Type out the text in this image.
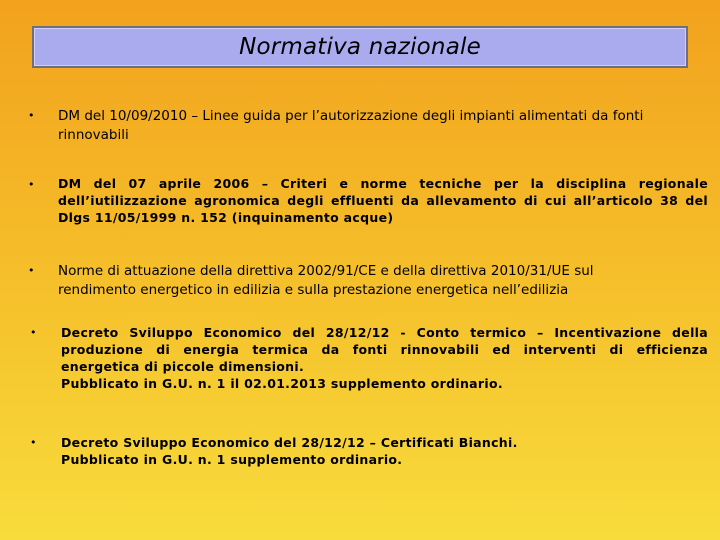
Normativa nazionale
• DM del 10/09/2010 – Linee guida per l’autorizzazione degli impianti alimentati da fonti
rinnovabili
• DM del 07 aprile 2006 – Criteri e norme tecniche per la disciplina regionale
dell’iutilizzazione agronomica degli effluenti da allevamento di cui all’articolo 38 del
Dlgs 11/05/1999 n. 152 (inquinamento acque)
• Norme di attuazione della direttiva 2002/91/CE e della direttiva 2010/31/UE sul
rendimento energetico in edilizia e sulla prestazione energetica nell’edilizia
• Decreto Sviluppo Economico del 28/12/12 - Conto termico – Incentivazione della
produzione di energia termica da fonti rinnovabili ed interventi di efficienza
energetica di piccole dimensioni.
Pubblicato in G.U. n. 1 il 02.01.2013 supplemento ordinario.
• Decreto Sviluppo Economico del 28/12/12 – Certificati Bianchi.
Pubblicato in G.U. n. 1 supplemento ordinario.
